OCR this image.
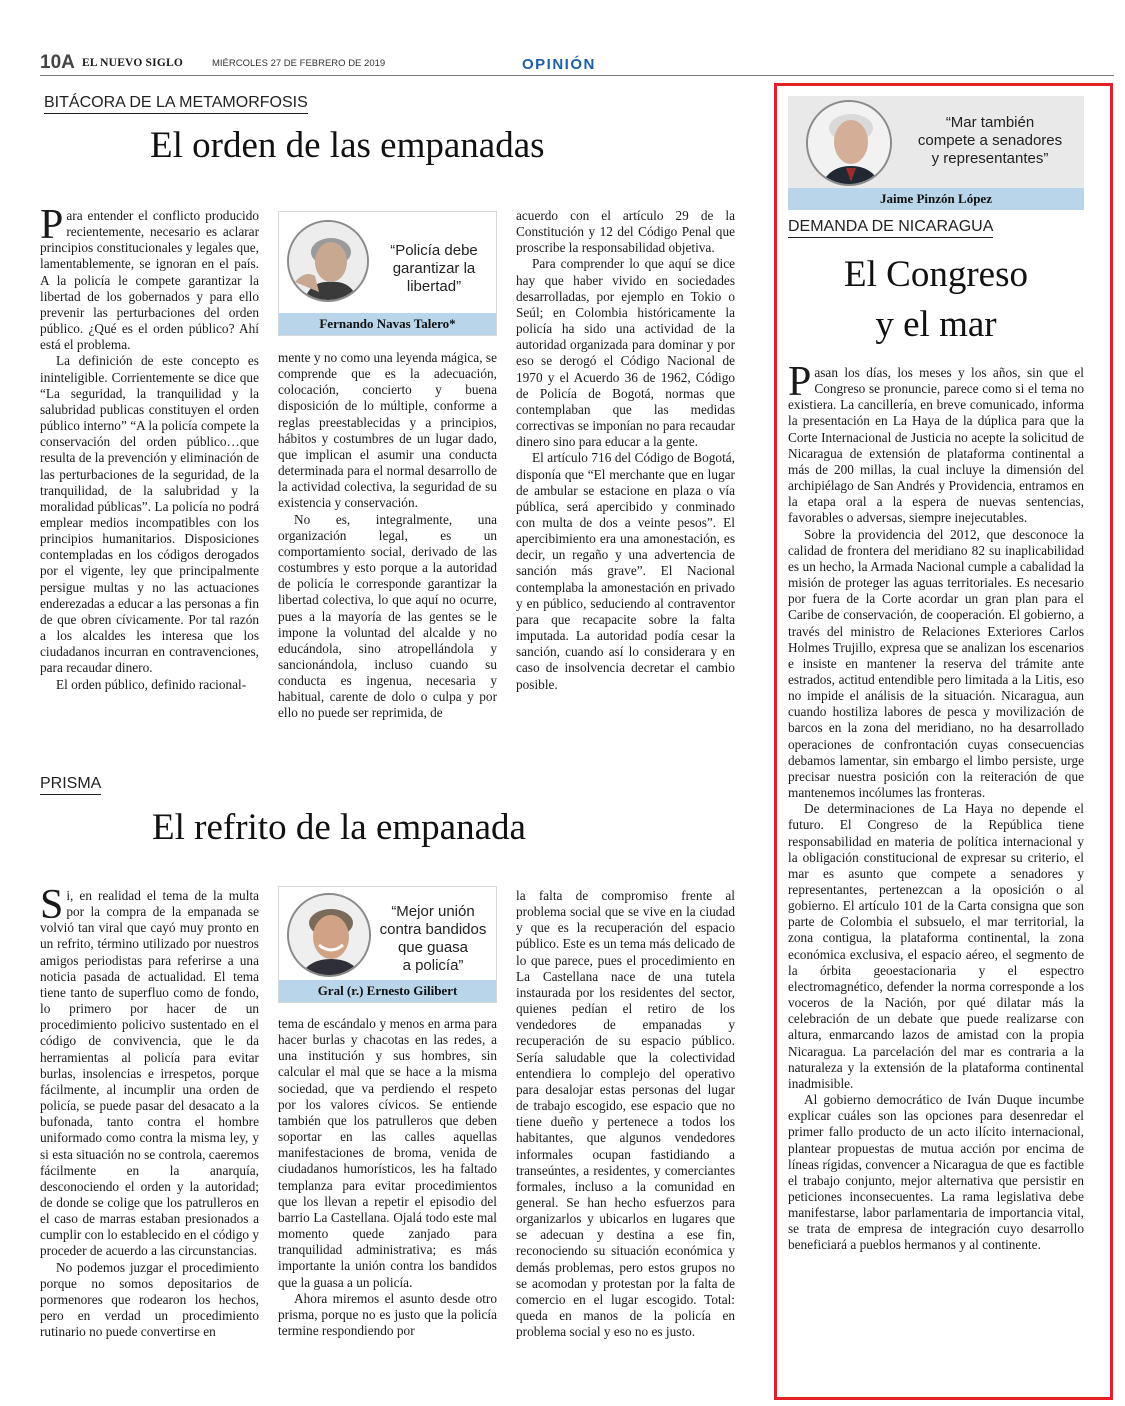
10A EL NUEVO SIGLO	MIÉRCOLES 27 DE FEBRERO DE 2019	OPINIÓN
BITÁCORA DE LA METAMORFOSIS
El orden de las empanadas

Para entender el conflicto producido recientemente, necesario es aclarar principios constitucionales y legales que, lamentablemente, se ignoran en el país. A la policía le compete garantizar la libertad de los gobernados y para ello prevenir las perturbaciones del orden público. ¿Qué es el orden público? Ahí está el problema.

La definición de este concepto es ininteligible. Corrientemente se dice que “La seguridad, la tranquilidad y la salubridad publicas constituyen el orden público interno” “A la policía compete la conservación del orden público…que resulta de la prevención y eliminación de las perturbaciones de la seguridad, de la tranquilidad, de la salubridad y la moralidad públicas”. La policía no podrá emplear medios incompatibles con los principios humanitarios. Disposiciones contempladas en los códigos derogados por el vigente, ley que principalmente persigue multas y no las actuaciones enderezadas a educar a las personas a fin de que obren cívicamente. Por tal razón a los alcaldes les interesa que los ciudadanos incurran en contravenciones, para recaudar dinero.

El orden público, definido racional-

“Policía debe
garantizar la
libertad”
Fernando Navas Talero*

mente y no como una leyenda mágica, se comprende que es la adecuación, colocación, concierto y buena disposición de lo múltiple, conforme a reglas preestablecidas y a principios, hábitos y costumbres de un lugar dado, que implican el asumir una conducta determinada para el normal desarrollo de la actividad colectiva, la seguridad de su existencia y conservación.

No es, integralmente, una organización legal, es un comportamiento social, derivado de las costumbres y esto porque a la autoridad de policía le corresponde garantizar la libertad colectiva, lo que aquí no ocurre, pues a la mayoría de las gentes se le impone la voluntad del alcalde y no educándola, sino atropellándola y sancionándola, incluso cuando su conducta es ingenua, necesaria y habitual, carente de dolo o culpa y por ello no puede ser reprimida, de

acuerdo con el artículo 29 de la Constitución y 12 del Código Penal que proscribe la responsabilidad objetiva.

Para comprender lo que aquí se dice hay que haber vivido en sociedades desarrolladas, por ejemplo en Tokio o Seúl; en Colombia históricamente la policía ha sido una actividad de la autoridad organizada para dominar y por eso se derogó el Código Nacional de 1970 y el Acuerdo 36 de 1962, Código de Policía de Bogotá, normas que contemplaban que las medidas correctivas se imponían no para recaudar dinero sino para educar a la gente.

El artículo 716 del Código de Bogotá, disponía que “El merchante que en lugar de ambular se estacione en plaza o vía pública, será apercibido y conminado con multa de dos a veinte pesos”. El apercibimiento era una amonestación, es decir, un regaño y una advertencia de sanción más grave”. El Nacional contemplaba la amonestación en privado y en público, seduciendo al contraventor para que recapacite sobre la falta imputada. La autoridad podía cesar la sanción, cuando así lo considerara y en caso de insolvencia decretar el cambio posible.

PRISMA
El refrito de la empanada

Si, en realidad el tema de la multa por la compra de la empanada se volvió tan viral que cayó muy pronto en un refrito, término utilizado por nuestros amigos periodistas para referirse a una noticia pasada de actualidad. El tema tiene tanto de superfluo como de fondo, lo primero por hacer de un procedimiento policivo sustentado en el código de convivencia, que le da herramientas al policía para evitar burlas, insolencias e irrespetos, porque fácilmente, al incumplir una orden de policía, se puede pasar del desacato a la bufonada, tanto contra el hombre uniformado como contra la misma ley, y si esta situación no se controla, caeremos fácilmente en la anarquía, desconociendo el orden y la autoridad; de donde se colige que los patrulleros en el caso de marras estaban presionados a cumplir con lo establecido en el código y proceder de acuerdo a las circunstancias.

No podemos juzgar el procedimiento porque no somos depositarios de pormenores que rodearon los hechos, pero en verdad un procedimiento rutinario no puede convertirse en

“Mejor unión
contra bandidos
que guasa
a policía”
Gral (r.) Ernesto Gilibert

tema de escándalo y menos en arma para hacer burlas y chacotas en las redes, a una institución y sus hombres, sin calcular el mal que se hace a la misma sociedad, que va perdiendo el respeto por los valores cívicos. Se entiende también que los patrulleros que deben soportar en las calles aquellas manifestaciones de broma, venida de ciudadanos humorísticos, les ha faltado templanza para evitar procedimientos que los llevan a repetir el episodio del barrio La Castellana. Ojalá todo este mal momento quede zanjado para tranquilidad administrativa; es más importante la unión contra los bandidos que la guasa a un policía.

Ahora miremos el asunto desde otro prisma, porque no es justo que la policía termine respondiendo por

la falta de compromiso frente al problema social que se vive en la ciudad y que es la recuperación del espacio público. Este es un tema más delicado de lo que parece, pues el procedimiento en La Castellana nace de una tutela instaurada por los residentes del sector, quienes pedían el retiro de los vendedores de empanadas y recuperación de su espacio público. Sería saludable que la colectividad entendiera lo complejo del operativo para desalojar estas personas del lugar de trabajo escogido, ese espacio que no tiene dueño y pertenece a todos los habitantes, que algunos vendedores informales ocupan fastidiando a transeúntes, a residentes, y comerciantes formales, incluso a la comunidad en general. Se han hecho esfuerzos para organizarlos y ubicarlos en lugares que se adecuan y destina a ese fin, reconociendo su situación económica y demás problemas, pero estos grupos no se acomodan y protestan por la falta de comercio en el lugar escogido. Total: queda en manos de la policía en problema social y eso no es justo.

“Mar también
compete a senadores
y representantes”
Jaime Pinzón López
DEMANDA DE NICARAGUA
El Congreso
y el mar

Pasan los días, los meses y los años, sin que el Congreso se pronuncie, parece como si el tema no existiera. La cancillería, en breve comunicado, informa la presentación en La Haya de la dúplica para que la Corte Internacional de Justicia no acepte la solicitud de Nicaragua de extensión de plataforma continental a más de 200 millas, la cual incluye la dimensión del archipiélago de San Andrés y Providencia, entramos en la etapa oral a la espera de nuevas sentencias, favorables o adversas, siempre inejecutables.

Sobre la providencia del 2012, que desconoce la calidad de frontera del meridiano 82 su inaplicabilidad es un hecho, la Armada Nacional cumple a cabalidad la misión de proteger las aguas territoriales. Es necesario por fuera de la Corte acordar un gran plan para el Caribe de conservación, de cooperación. El gobierno, a través del ministro de Relaciones Exteriores Carlos Holmes Trujillo, expresa que se analizan los escenarios e insiste en mantener la reserva del trámite ante estrados, actitud entendible pero limitada a la Litis, eso no impide el análisis de la situación. Nicaragua, aun cuando hostiliza labores de pesca y movilización de barcos en la zona del meridiano, no ha desarrollado operaciones de confrontación cuyas consecuencias debamos lamentar, sin embargo el limbo persiste, urge precisar nuestra posición con la reiteración de que mantenemos incólumes las fronteras.

De determinaciones de La Haya no depende el futuro. El Congreso de la República tiene responsabilidad en materia de política internacional y la obligación constitucional de expresar su criterio, el mar es asunto que compete a senadores y representantes, pertenezcan a la oposición o al gobierno. El artículo 101 de la Carta consigna que son parte de Colombia el subsuelo, el mar territorial, la zona contigua, la plataforma continental, la zona económica exclusiva, el espacio aéreo, el segmento de la órbita geoestacionaria y el espectro electromagnético, defender la norma corresponde a los voceros de la Nación, por qué dilatar más la celebración de un debate que puede realizarse con altura, enmarcando lazos de amistad con la propia Nicaragua. La parcelación del mar es contraria a la naturaleza y la extensión de la plataforma continental inadmisible.

Al gobierno democrático de Iván Duque incumbe explicar cuáles son las opciones para desenredar el primer fallo producto de un acto ilícito internacional, plantear propuestas de mutua acción por encima de líneas rígidas, convencer a Nicaragua de que es factible el trabajo conjunto, mejor alternativa que persistir en peticiones inconsecuentes. La rama legislativa debe manifestarse, labor parlamentaria de importancia vital, se trata de empresa de integración cuyo desarrollo beneficiará a pueblos hermanos y al continente.
